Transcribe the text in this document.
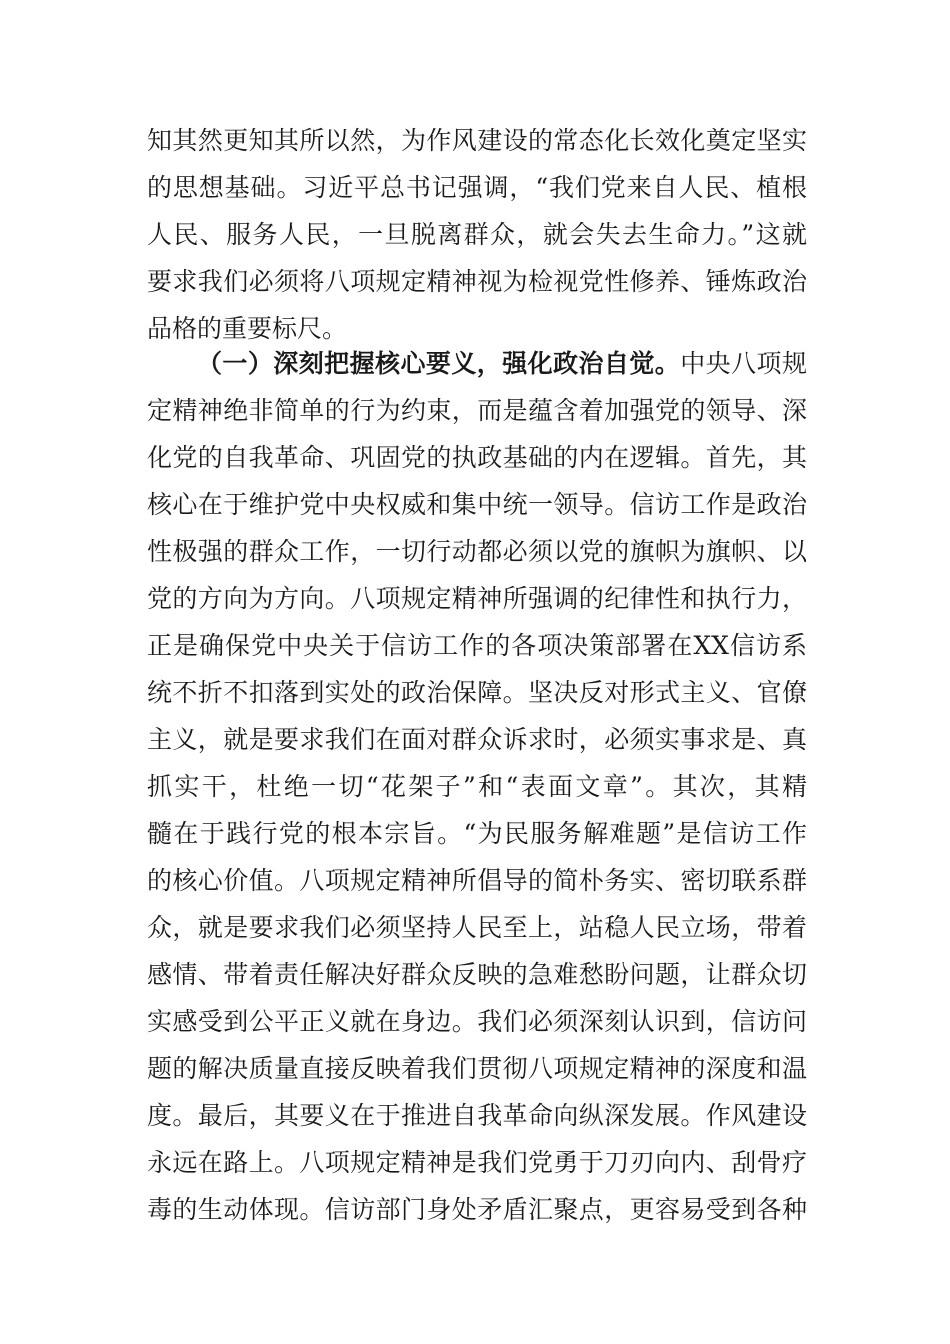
知其然更知其所以然，为作风建设的常态化长效化奠定坚实
的思想基础。习近平总书记强调，“我们党来自人民、植根
人民、服务人民，一旦脱离群众，就会失去生命力。”这就
要求我们必须将八项规定精神视为检视党性修养、锤炼政治
品格的重要标尺。
（一）深刻把握核心要义，强化政治自觉。中央八项规
定精神绝非简单的行为约束，而是蕴含着加强党的领导、深
化党的自我革命、巩固党的执政基础的内在逻辑。首先，其
核心在于维护党中央权威和集中统一领导。信访工作是政治
性极强的群众工作，一切行动都必须以党的旗帜为旗帜、以
党的方向为方向。八项规定精神所强调的纪律性和执行力，
正是确保党中央关于信访工作的各项决策部署在XX信访系
统不折不扣落到实处的政治保障。坚决反对形式主义、官僚
主义，就是要求我们在面对群众诉求时，必须实事求是、真
抓实干，杜绝一切“花架子”和“表面文章”。其次，其精
髓在于践行党的根本宗旨。“为民服务解难题”是信访工作
的核心价值。八项规定精神所倡导的简朴务实、密切联系群
众，就是要求我们必须坚持人民至上，站稳人民立场，带着
感情、带着责任解决好群众反映的急难愁盼问题，让群众切
实感受到公平正义就在身边。我们必须深刻认识到，信访问
题的解决质量直接反映着我们贯彻八项规定精神的深度和温
度。最后，其要义在于推进自我革命向纵深发展。作风建设
永远在路上。八项规定精神是我们党勇于刀刃向内、刮骨疗
毒的生动体现。信访部门身处矛盾汇聚点，更容易受到各种
